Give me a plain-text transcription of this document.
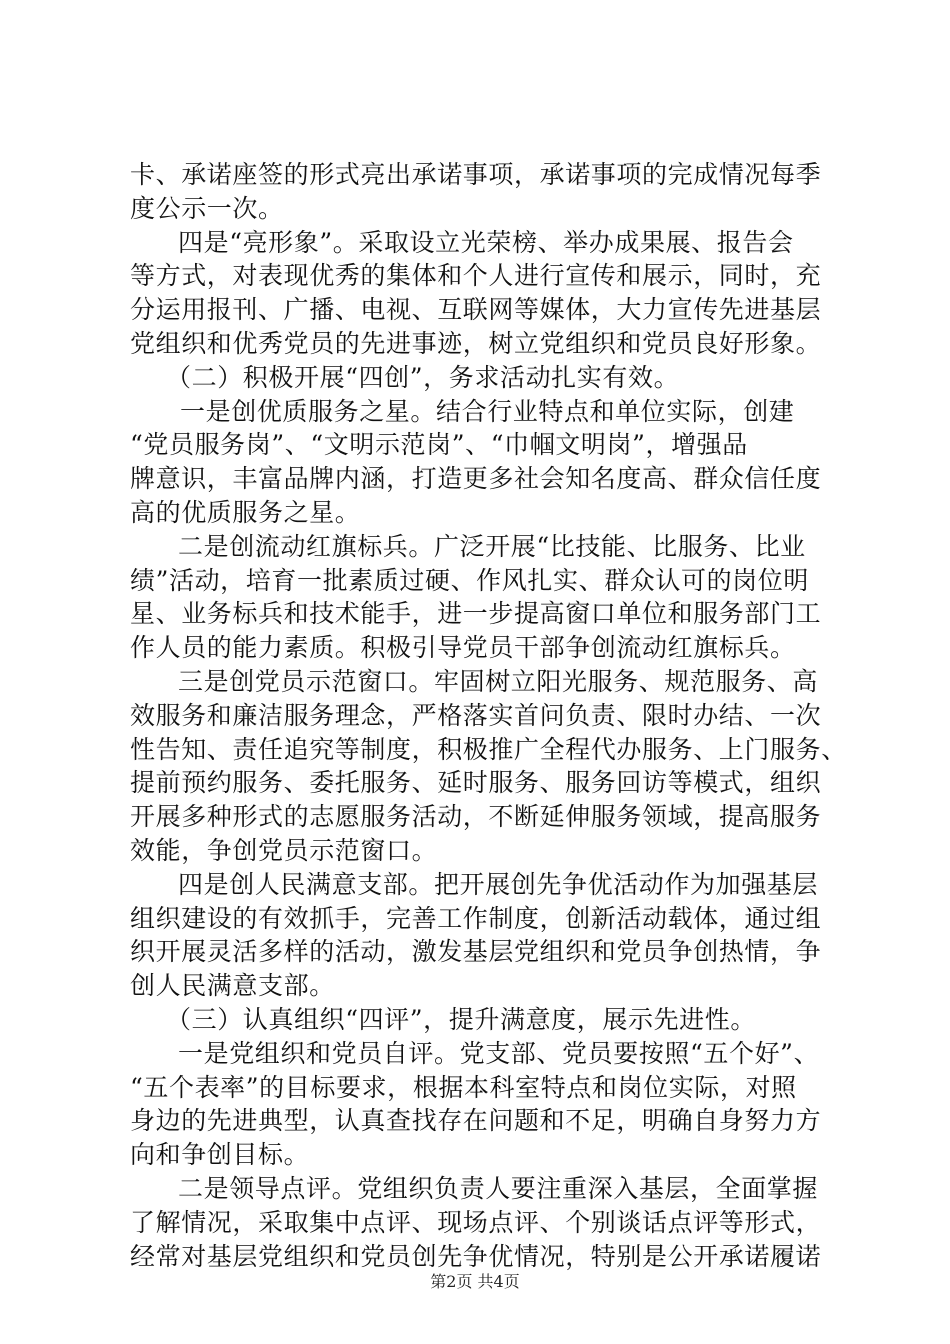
卡、承诺座签的形式亮出承诺事项，承诺事项的完成情况每季
度公示一次。
四是“亮形象”。采取设立光荣榜、举办成果展、报告会
等方式，对表现优秀的集体和个人进行宣传和展示，同时，充
分运用报刊、广播、电视、互联网等媒体，大力宣传先进基层
党组织和优秀党员的先进事迹，树立党组织和党员良好形象。
（二）积极开展“四创”，务求活动扎实有效。
一是创优质服务之星。结合行业特点和单位实际，创建
“党员服务岗”、“文明示范岗”、“巾帼文明岗”，增强品
牌意识，丰富品牌内涵，打造更多社会知名度高、群众信任度
高的优质服务之星。
二是创流动红旗标兵。广泛开展“比技能、比服务、比业
绩”活动，培育一批素质过硬、作风扎实、群众认可的岗位明
星、业务标兵和技术能手，进一步提高窗口单位和服务部门工
作人员的能力素质。积极引导党员干部争创流动红旗标兵。
三是创党员示范窗口。牢固树立阳光服务、规范服务、高
效服务和廉洁服务理念，严格落实首问负责、限时办结、一次
性告知、责任追究等制度，积极推广全程代办服务、上门服务、
提前预约服务、委托服务、延时服务、服务回访等模式，组织
开展多种形式的志愿服务活动，不断延伸服务领域，提高服务
效能，争创党员示范窗口。
四是创人民满意支部。把开展创先争优活动作为加强基层
组织建设的有效抓手，完善工作制度，创新活动载体，通过组
织开展灵活多样的活动，激发基层党组织和党员争创热情，争
创人民满意支部。
（三）认真组织“四评”，提升满意度，展示先进性。
一是党组织和党员自评。党支部、党员要按照“五个好”、
“五个表率”的目标要求，根据本科室特点和岗位实际，对照
身边的先进典型，认真查找存在问题和不足，明确自身努力方
向和争创目标。
二是领导点评。党组织负责人要注重深入基层，全面掌握
了解情况，采取集中点评、现场点评、个别谈话点评等形式，
经常对基层党组织和党员创先争优情况，特别是公开承诺履诺
第2页 共4页
